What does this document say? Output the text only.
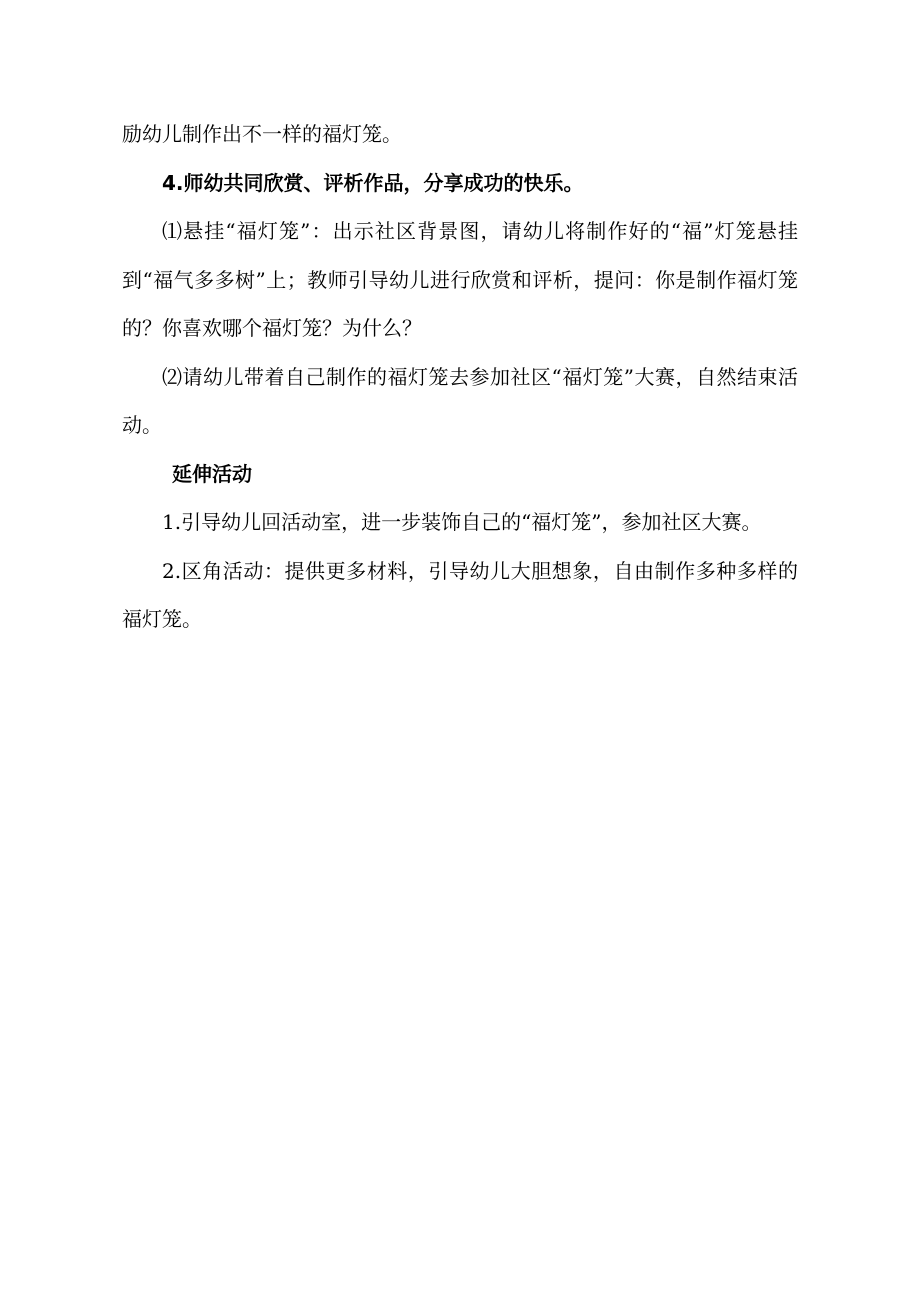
励幼儿制作出不一样的福灯笼。

4.师幼共同欣赏、评析作品，分享成功的快乐。

⑴悬挂“福灯笼”：出示社区背景图，请幼儿将制作好的“福”灯笼悬挂到“福气多多树”上；教师引导幼儿进行欣赏和评析，提问：你是制作福灯笼的？你喜欢哪个福灯笼？为什么？

⑵请幼儿带着自己制作的福灯笼去参加社区“福灯笼”大赛，自然结束活动。

延伸活动

1.引导幼儿回活动室，进一步装饰自己的“福灯笼”，参加社区大赛。

2.区角活动：提供更多材料，引导幼儿大胆想象，自由制作多种多样的福灯笼。
